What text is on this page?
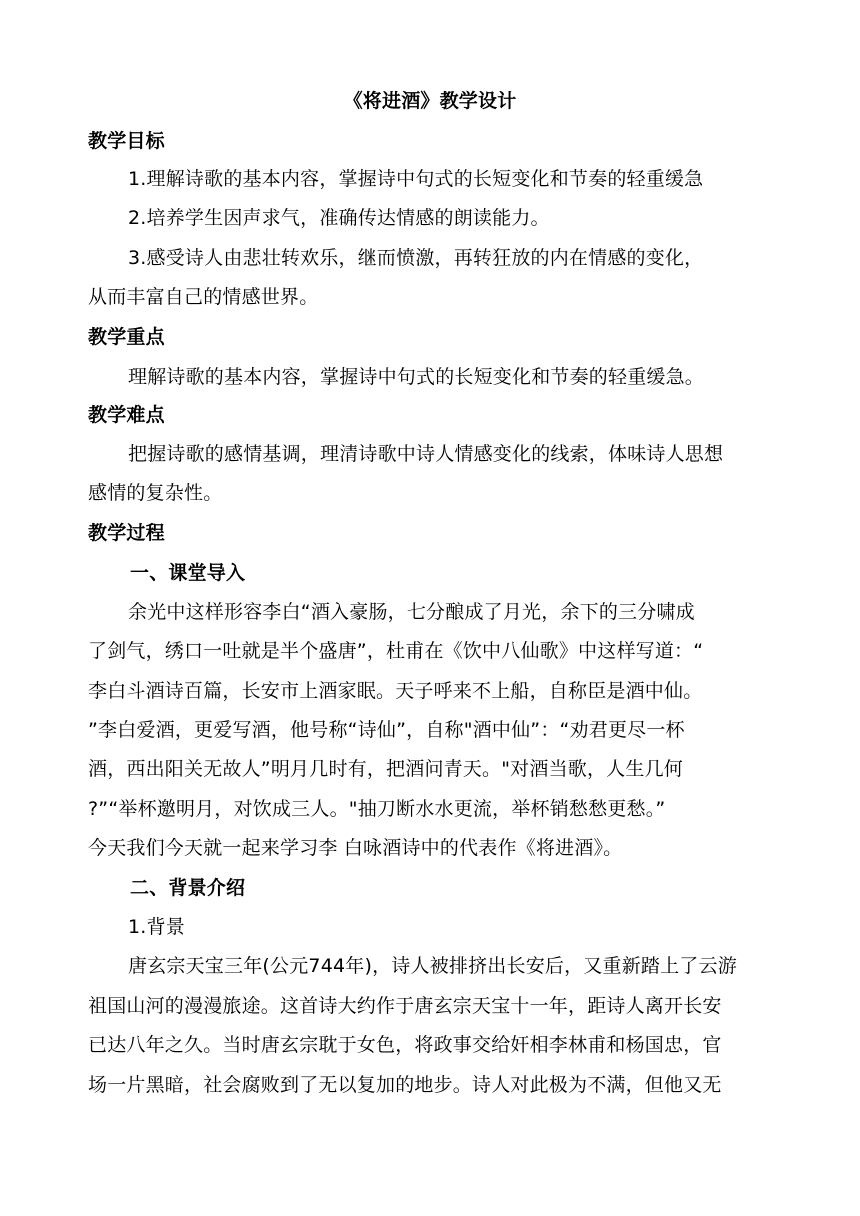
《将进酒》教学设计
教学目标
1.理解诗歌的基本内容，掌握诗中句式的长短变化和节奏的轻重缓急
2.培养学生因声求气，准确传达情感的朗读能力。
3.感受诗人由悲壮转欢乐，继而愤激，再转狂放的内在情感的变化，
从而丰富自己的情感世界。
教学重点
理解诗歌的基本内容，掌握诗中句式的长短变化和节奏的轻重缓急。
教学难点
把握诗歌的感情基调，理清诗歌中诗人情感变化的线索，体味诗人思想
感情的复杂性。
教学过程
一、课堂导入
余光中这样形容李白“酒入豪肠，七分酿成了月光，余下的三分啸成
了剑气，绣口一吐就是半个盛唐”，杜甫在《饮中八仙歌》中这样写道：“
李白斗酒诗百篇，长安市上酒家眠。天子呼来不上船，自称臣是酒中仙。
”李白爱酒，更爱写酒，他号称“诗仙”，自称"酒中仙”：“劝君更尽一杯
酒，西出阳关无故人”明月几时有，把酒问青天。"对酒当歌，人生几何
?”“举杯邀明月，对饮成三人。"抽刀断水水更流，举杯销愁愁更愁。”
今天我们今天就一起来学习李 白咏酒诗中的代表作《将进酒》。
二、背景介绍
1.背景
唐玄宗天宝三年(公元744年)，诗人被排挤出长安后，又重新踏上了云游
祖国山河的漫漫旅途。这首诗大约作于唐玄宗天宝十一年，距诗人离开长安
已达八年之久。当时唐玄宗耽于女色，将政事交给奸相李林甫和杨国忠，官
场一片黑暗，社会腐败到了无以复加的地步。诗人对此极为不满，但他又无
